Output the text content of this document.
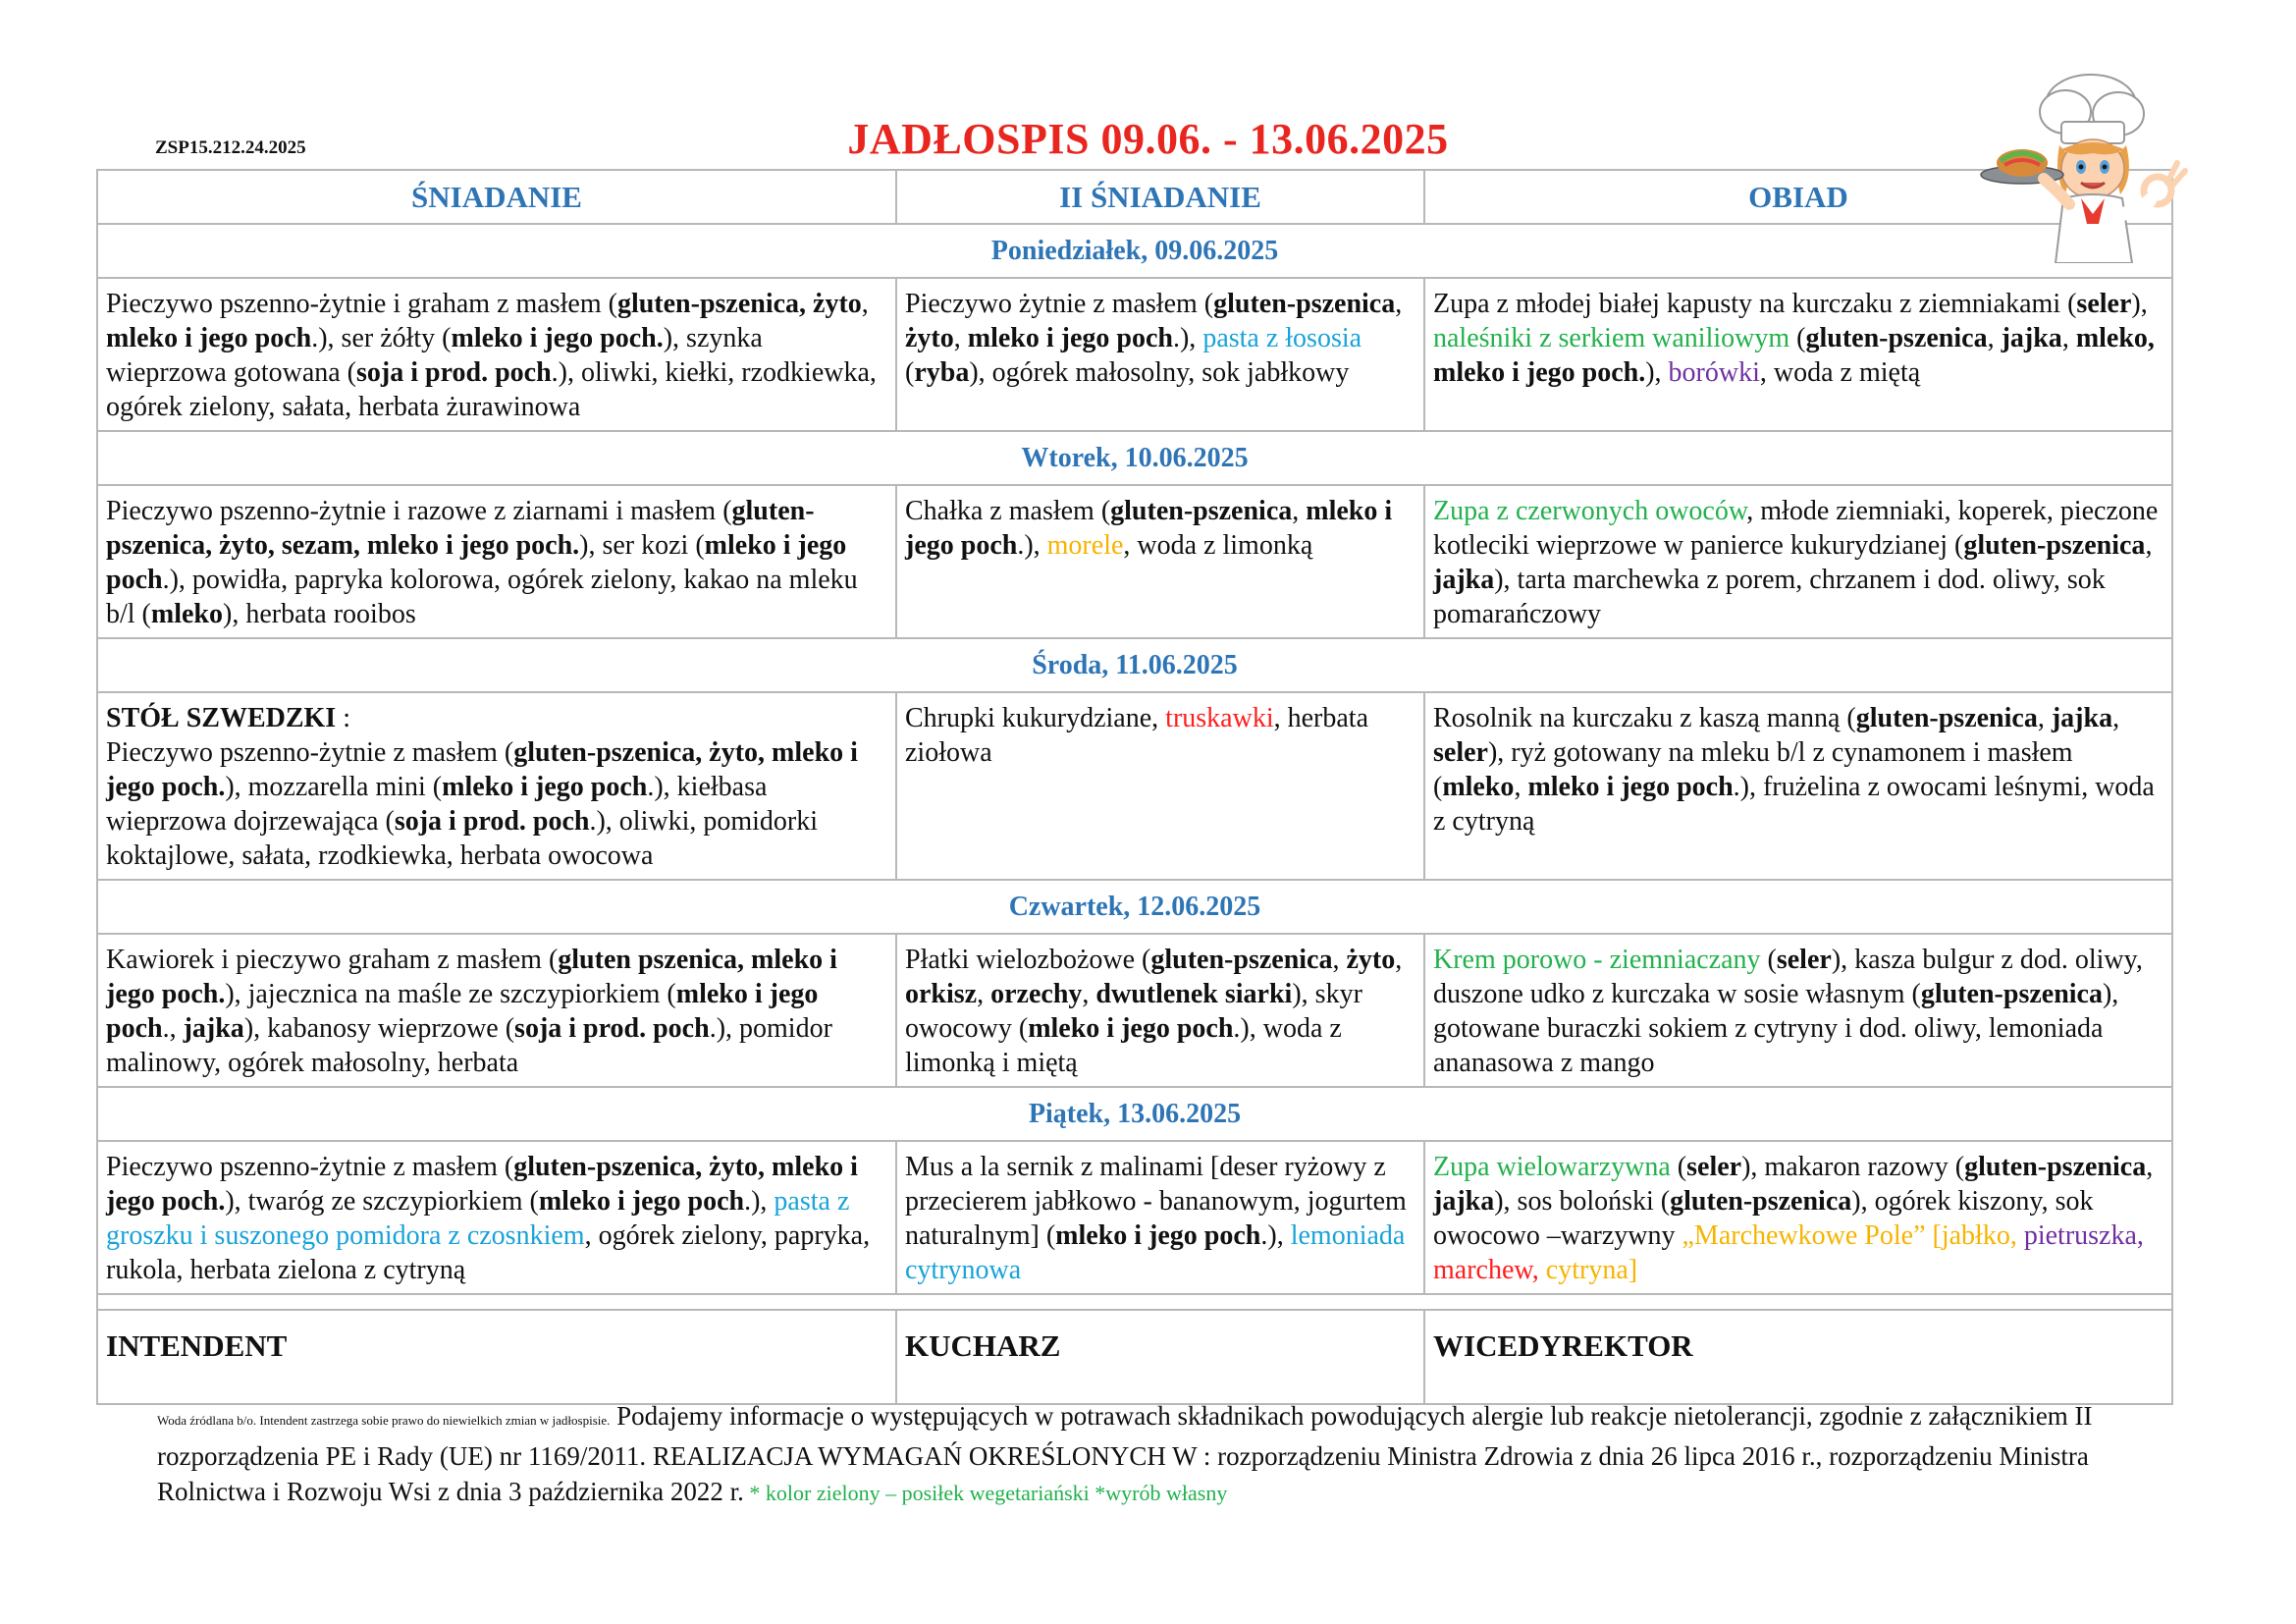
ZSP15.212.24.2025	JADŁOSPIS 09.06. - 13.06.2025
ŚNIADANIE	II ŚNIADANIE	OBIAD
Poniedziałek, 09.06.2025		
Pieczywo pszenno-żytnie i graham z masłem (gluten-pszenica, żyto, mleko i jego poch.), ser żółty (mleko i jego poch.), szynka wieprzowa gotowana (soja i prod. poch.), oliwki, kiełki, rzodkiewka, ogórek zielony, sałata, herbata żurawinowa	Pieczywo żytnie z masłem (gluten-pszenica, żyto, mleko i jego poch.), pasta z łososia (ryba), ogórek małosolny, sok jabłkowy	Zupa z młodej białej kapusty na kurczaku z ziemniakami (seler), naleśniki z serkiem waniliowym (gluten-pszenica, jajka, mleko, mleko i jego poch.), borówki, woda z miętą
Wtorek, 10.06.2025		
Pieczywo pszenno-żytnie i razowe z ziarnami i masłem (gluten-pszenica, żyto, sezam, mleko i jego poch.), ser kozi (mleko i jego poch.), powidła, papryka kolorowa, ogórek zielony, kakao na mleku b/l (mleko), herbata rooibos	Chałka z masłem (gluten-pszenica, mleko i jego poch.), morele, woda z limonką	Zupa z czerwonych owoców, młode ziemniaki, koperek, pieczone kotleciki wieprzowe w panierce kukurydzianej (gluten-pszenica, jajka), tarta marchewka z porem, chrzanem i dod. oliwy, sok pomarańczowy
Środa, 11.06.2025		
STÓŁ SZWEDZKI :
Pieczywo pszenno-żytnie z masłem (gluten-pszenica, żyto, mleko i jego poch.), mozzarella mini (mleko i jego poch.), kiełbasa wieprzowa dojrzewająca (soja i prod. poch.), oliwki, pomidorki koktajlowe, sałata, rzodkiewka, herbata owocowa	Chrupki kukurydziane, truskawki, herbata ziołowa	Rosolnik na kurczaku z kaszą manną (gluten-pszenica, jajka, seler), ryż gotowany na mleku b/l z cynamonem i masłem (mleko, mleko i jego poch.), frużelina z owocami leśnymi, woda z cytryną
Czwartek, 12.06.2025		
Kawiorek i pieczywo graham z masłem (gluten pszenica, mleko i jego poch.), jajecznica na maśle ze szczypiorkiem (mleko i jego poch., jajka), kabanosy wieprzowe (soja i prod. poch.), pomidor malinowy, ogórek małosolny, herbata	Płatki wielozbożowe (gluten-pszenica, żyto, orkisz, orzechy, dwutlenek siarki), skyr owocowy (mleko i jego poch.), woda z limonką i miętą	Krem porowo - ziemniaczany (seler), kasza bulgur z dod. oliwy, duszone udko z kurczaka w sosie własnym (gluten-pszenica), gotowane buraczki sokiem z cytryny i dod. oliwy, lemoniada ananasowa z mango
Piątek, 13.06.2025		
Pieczywo pszenno-żytnie z masłem (gluten-pszenica, żyto, mleko i jego poch.), twaróg ze szczypiorkiem (mleko i jego poch.), pasta z groszku i suszonego pomidora z czosnkiem, ogórek zielony, papryka, rukola, herbata zielona z cytryną	Mus a la sernik z malinami [deser ryżowy z przecierem jabłkowo - bananowym, jogurtem naturalnym] (mleko i jego poch.), lemoniada cytrynowa	Zupa wielowarzywna (seler), makaron razowy (gluten-pszenica, jajka), sos boloński (gluten-pszenica), ogórek kiszony, sok owocowo –warzywny „Marchewkowe Pole” [jabłko, pietruszka, marchew, cytryna]

INTENDENT	KUCHARZ	WICEDYREKTOR
Woda źródlana b/o. Intendent zastrzega sobie prawo do niewielkich zmian w jadłospisie. Podajemy informacje o występujących w potrawach składnikach powodujących alergie lub reakcje nietolerancji, zgodnie z załącznikiem II rozporządzenia PE i Rady (UE) nr 1169/2011. REALIZACJA WYMAGAŃ OKREŚLONYCH W : rozporządzeniu Ministra Zdrowia z dnia 26 lipca 2016 r., rozporządzeniu Ministra Rolnictwa i Rozwoju Wsi z dnia 3 października 2022 r. * kolor zielony – posiłek wegetariański *wyrób własny
